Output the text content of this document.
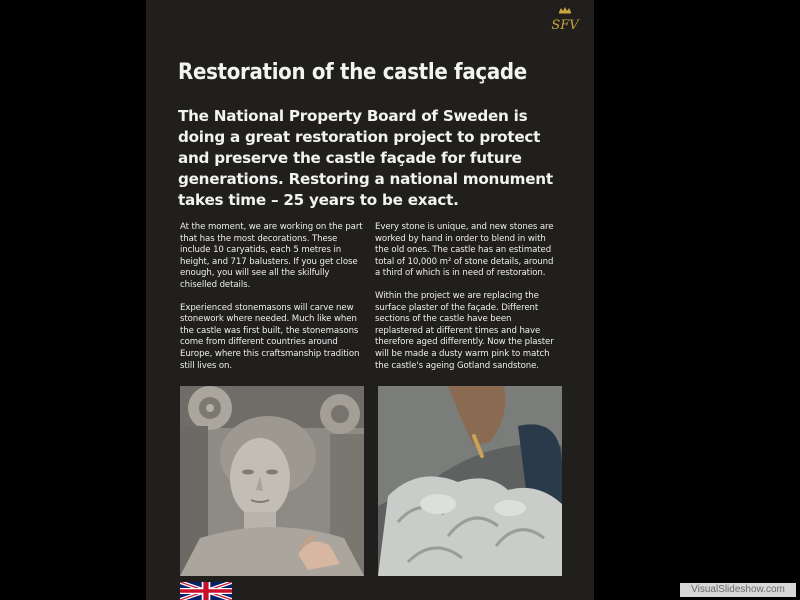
SFV
Restoration of the castle façade

The National Property Board of Sweden is doing a great restoration project to protect and preserve the castle façade for future generations. Restoring a national monument takes time – 25 years to be exact.

At the moment, we are working on the part that has the most decorations. These include 10 caryatids, each 5 metres in height, and 717 balusters. If you get close enough, you will see all the skilfully chiselled details.

Experienced stonemasons will carve new stonework where needed. Much like when the castle was first built, the stonemasons come from different countries around Europe, where this craftsmanship tradition still lives on.

Every stone is unique, and new stones are worked by hand in order to blend in with the old ones. The castle has an estimated total of 10,000 m² of stone details, around a third of which is in need of restoration.

Within the project we are replacing the surface plaster of the façade. Different sections of the castle have been replastered at different times and have therefore aged differently. Now the plaster will be made a dusty warm pink to match the castle's ageing Gotland sandstone.

VisualSlideshow.com
